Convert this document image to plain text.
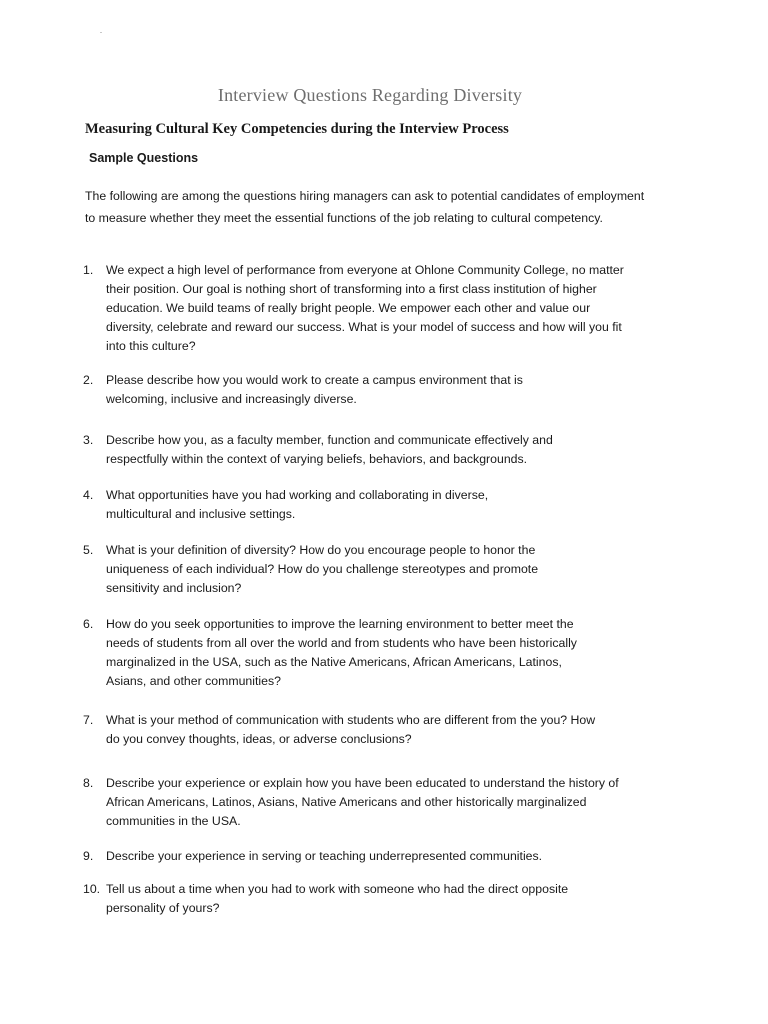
Interview Questions Regarding Diversity
Measuring Cultural Key Competencies during the Interview Process
Sample Questions

The following are among the questions hiring managers can ask to potential candidates of employment to measure whether they meet the essential functions of the job relating to cultural competency.

1. We expect a high level of performance from everyone at Ohlone Community College, no matter their position. Our goal is nothing short of transforming into a first class institution of higher education. We build teams of really bright people. We empower each other and value our diversity, celebrate and reward our success. What is your model of success and how will you fit into this culture?
2. Please describe how you would work to create a campus environment that is welcoming, inclusive and increasingly diverse.
3. Describe how you, as a faculty member, function and communicate effectively and respectfully within the context of varying beliefs, behaviors, and backgrounds.
4. What opportunities have you had working and collaborating in diverse, multicultural and inclusive settings.
5. What is your definition of diversity? How do you encourage people to honor the uniqueness of each individual? How do you challenge stereotypes and promote sensitivity and inclusion?
6. How do you seek opportunities to improve the learning environment to better meet the needs of students from all over the world and from students who have been historically marginalized in the USA, such as the Native Americans, African Americans, Latinos, Asians, and other communities?
7. What is your method of communication with students who are different from the you? How do you convey thoughts, ideas, or adverse conclusions?
8. Describe your experience or explain how you have been educated to understand the history of African Americans, Latinos, Asians, Native Americans and other historically marginalized communities in the USA.
9. Describe your experience in serving or teaching underrepresented communities.
10. Tell us about a time when you had to work with someone who had the direct opposite personality of yours?
